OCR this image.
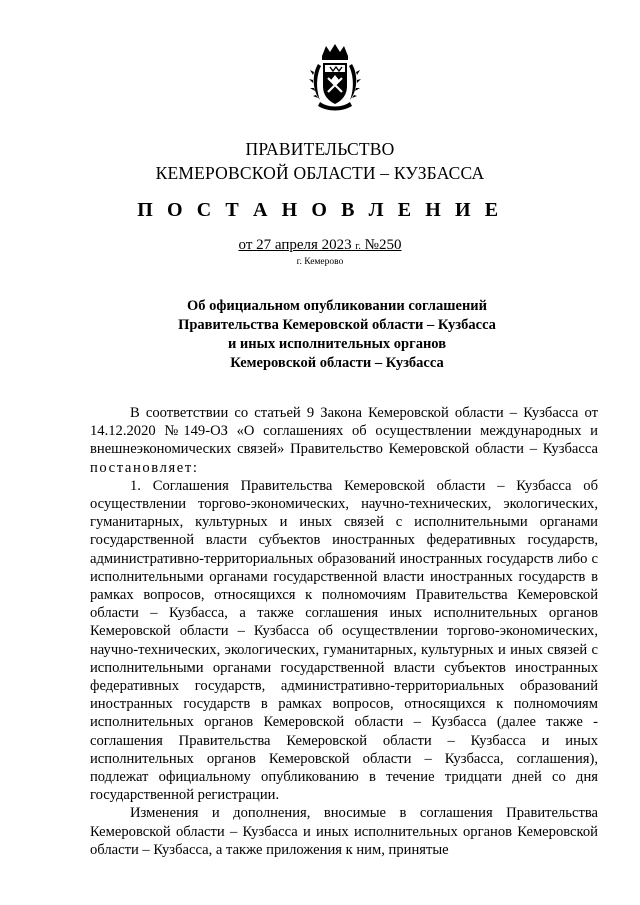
ПРАВИТЕЛЬСТВО
КЕМЕРОВСКОЙ ОБЛАСТИ – КУЗБАССА
П О С Т А Н О В Л Е Н И Е
от 27 апреля 2023 г. №250
г. Кемерово
Об официальном опубликовании соглашений
Правительства Кемеровской области – Кузбасса
и иных исполнительных органов
Кемеровской области – Кузбасса

В соответствии со статьей 9 Закона Кемеровской области – Кузбасса от 14.12.2020 №149-ОЗ «О соглашениях об осуществлении международных и внешнеэкономических связей» Правительство Кемеровской области – Кузбасса постановляет:

1. Соглашения Правительства Кемеровской области – Кузбасса об осуществлении торгово-экономических, научно-технических, экологических, гуманитарных, культурных и иных связей с исполнительными органами государственной власти субъектов иностранных федеративных государств, административно-территориальных образований иностранных государств либо с исполнительными органами государственной власти иностранных государств в рамках вопросов, относящихся к полномочиям Правительства Кемеровской области – Кузбасса, а также соглашения иных исполнительных органов Кемеровской области – Кузбасса об осуществлении торгово-экономических, научно-технических, экологических, гуманитарных, культурных и иных связей с исполнительными органами государственной власти субъектов иностранных федеративных государств, административно-территориальных образований иностранных государств в рамках вопросов, относящихся к полномочиям исполнительных органов Кемеровской области – Кузбасса (далее также - соглашения Правительства Кемеровской области – Кузбасса и иных исполнительных органов Кемеровской области – Кузбасса, соглашения), подлежат официальному опубликованию в течение тридцати дней со дня государственной регистрации.

Изменения и дополнения, вносимые в соглашения Правительства Кемеровской области – Кузбасса и иных исполнительных органов Кемеровской области – Кузбасса, а также приложения к ним, принятые
